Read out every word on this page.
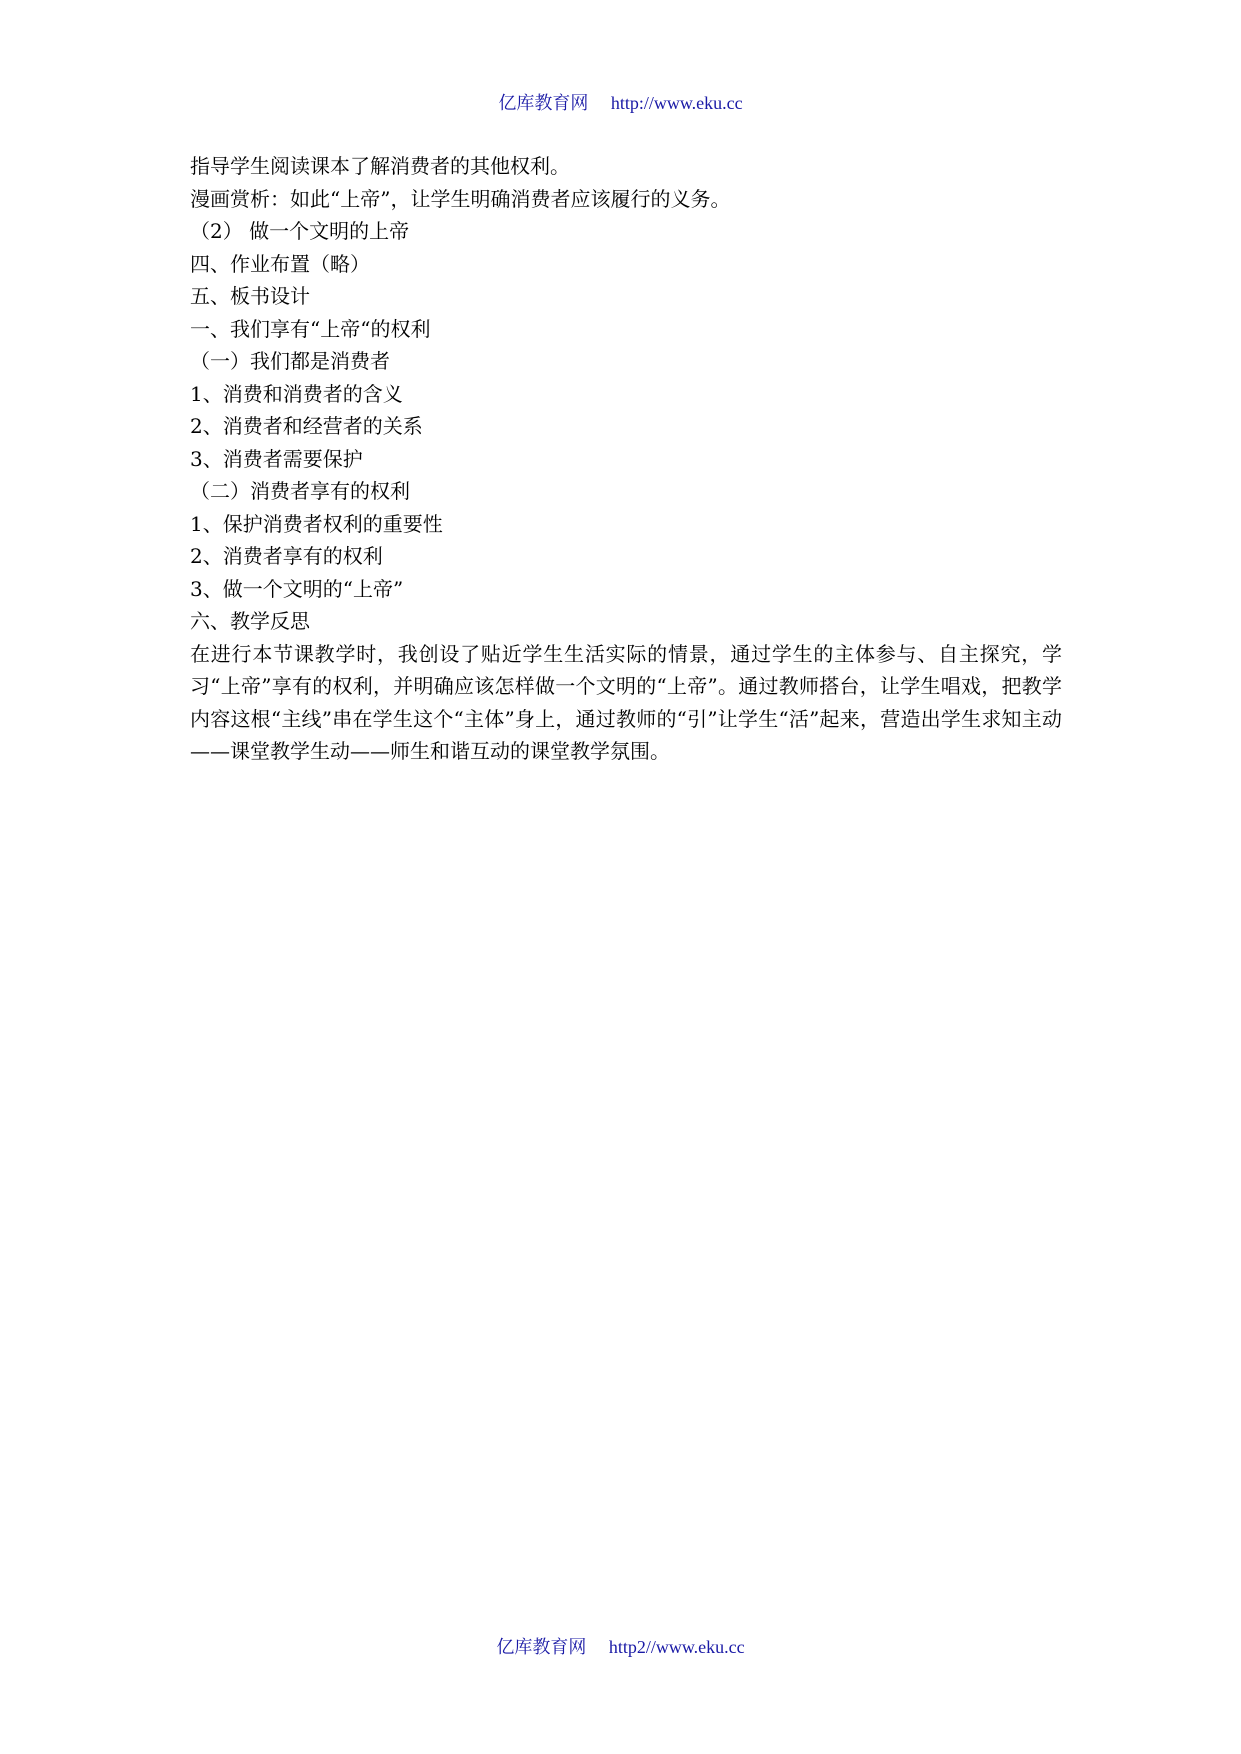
亿库教育网 http://www.eku.cc
指导学生阅读课本了解消费者的其他权利。
漫画赏析：如此“上帝”，让学生明确消费者应该履行的义务。
（2） 做一个文明的上帝
四、作业布置（略）
五、板书设计
一、我们享有“上帝“的权利
（一）我们都是消费者
1、消费和消费者的含义
2、消费者和经营者的关系
3、消费者需要保护
（二）消费者享有的权利
1、保护消费者权利的重要性
2、消费者享有的权利
3、做一个文明的“上帝”
六、教学反思
在进行本节课教学时，我创设了贴近学生生活实际的情景，通过学生的主体参与、自主探究，学习“上帝”享有的权利，并明确应该怎样做一个文明的“上帝”。通过教师搭台，让学生唱戏，把教学内容这根“主线”串在学生这个“主体”身上，通过教师的“引”让学生“活”起来，营造出学生求知主动——课堂教学生动——师生和谐互动的课堂教学氛围。
亿库教育网 http2//www.eku.cc
